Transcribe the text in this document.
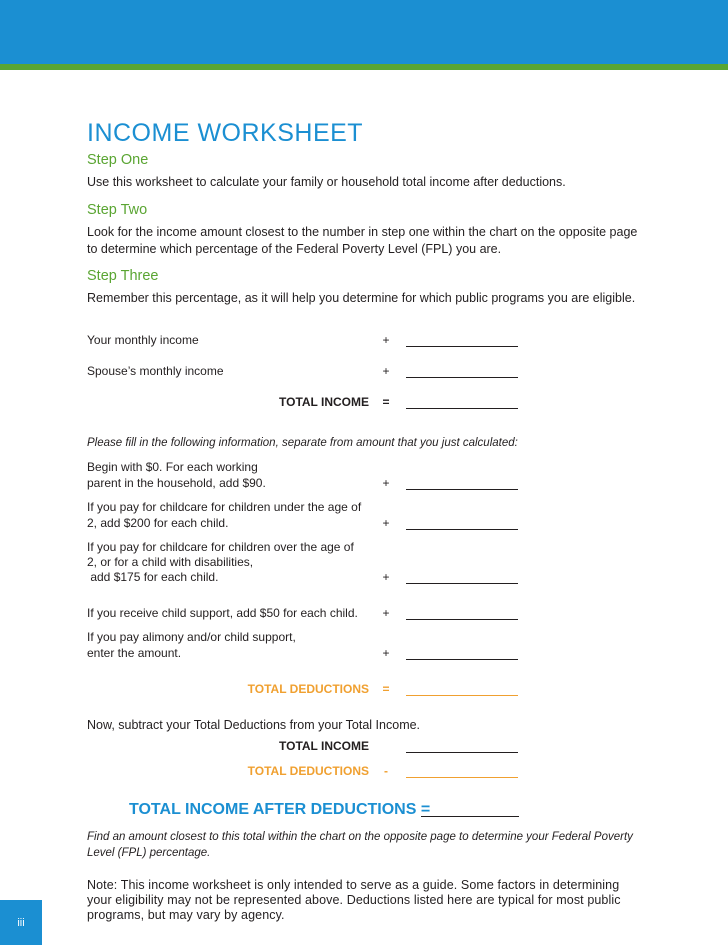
INCOME WORKSHEET
Step One
Use this worksheet to calculate your family or household total income after deductions.
Step Two
Look for the income amount closest to the number in step one within the chart on the opposite page to determine which percentage of the Federal Poverty Level (FPL) you are.
Step Three
Remember this percentage, as it will help you determine for which public programs you are eligible.
Your monthly income	+
Spouse’s monthly income	+
TOTAL INCOME =
Please fill in the following information, separate from amount that you just calculated:
Begin with $0. For each working parent in the household, add $90.	+
If you pay for childcare for children under the age of 2, add $200 for each child.	+
If you pay for childcare for children over the age of
2, or for a child with disabilities,
add $175 for each child.	+
If you receive child support, add $50 for each child.	+
If you pay alimony and/or child support, enter the amount.	+
TOTAL DEDUCTIONS =
Now, subtract your Total Deductions from your Total Income.
TOTAL INCOME
TOTAL DEDUCTIONS	-
TOTAL INCOME AFTER DEDUCTIONS =
Find an amount closest to this total within the chart on the opposite page to determine your Federal Poverty Level (FPL) percentage.
Note: This income worksheet is only intended to serve as a guide. Some factors in determining your eligibility may not be represented above. Deductions listed here are typical for most public programs, but may vary by agency.
iii
